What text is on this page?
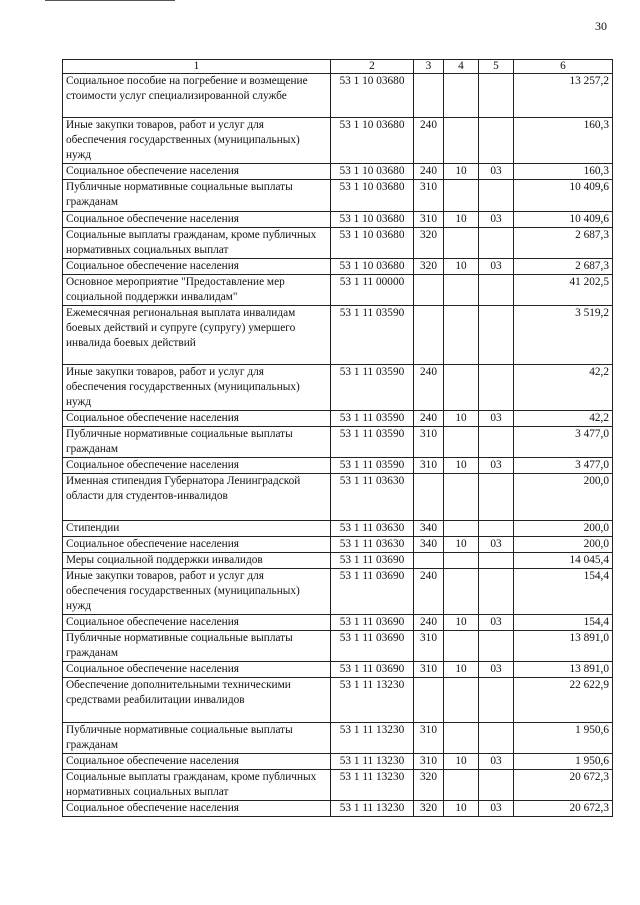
30
1	2	3	4	5	6
Социальное пособие на погребение и возмещение стоимости услуг специализированной службе	53 1 10 03680				13 257,2
Иные закупки товаров, работ и услуг для обеспечения государственных (муниципальных) нужд	53 1 10 03680	240			160,3
Социальное обеспечение населения	53 1 10 03680	240	10	03	160,3
Публичные нормативные социальные выплаты гражданам	53 1 10 03680	310			10 409,6
Социальное обеспечение населения	53 1 10 03680	310	10	03	10 409,6
Социальные выплаты гражданам, кроме публичных нормативных социальных выплат	53 1 10 03680	320			2 687,3
Социальное обеспечение населения	53 1 10 03680	320	10	03	2 687,3
Основное мероприятие "Предоставление мер социальной поддержки инвалидам"	53 1 11 00000				41 202,5
Ежемесячная региональная выплата инвалидам боевых действий и супруге (супругу) умершего инвалида боевых действий	53 1 11 03590				3 519,2
Иные закупки товаров, работ и услуг для обеспечения государственных (муниципальных) нужд	53 1 11 03590	240			42,2
Социальное обеспечение населения	53 1 11 03590	240	10	03	42,2
Публичные нормативные социальные выплаты гражданам	53 1 11 03590	310			3 477,0
Социальное обеспечение населения	53 1 11 03590	310	10	03	3 477,0
Именная стипендия Губернатора Ленинградской области для студентов-инвалидов	53 1 11 03630				200,0
Стипендии	53 1 11 03630	340			200,0
Социальное обеспечение населения	53 1 11 03630	340	10	03	200,0
Меры социальной поддержки инвалидов	53 1 11 03690				14 045,4
Иные закупки товаров, работ и услуг для обеспечения государственных (муниципальных) нужд	53 1 11 03690	240			154,4
Социальное обеспечение населения	53 1 11 03690	240	10	03	154,4
Публичные нормативные социальные выплаты гражданам	53 1 11 03690	310			13 891,0
Социальное обеспечение населения	53 1 11 03690	310	10	03	13 891,0
Обеспечение дополнительными техническими средствами реабилитации инвалидов	53 1 11 13230				22 622,9
Публичные нормативные социальные выплаты гражданам	53 1 11 13230	310			1 950,6
Социальное обеспечение населения	53 1 11 13230	310	10	03	1 950,6
Социальные выплаты гражданам, кроме публичных нормативных социальных выплат	53 1 11 13230	320			20 672,3
Социальное обеспечение населения	53 1 11 13230	320	10	03	20 672,3
